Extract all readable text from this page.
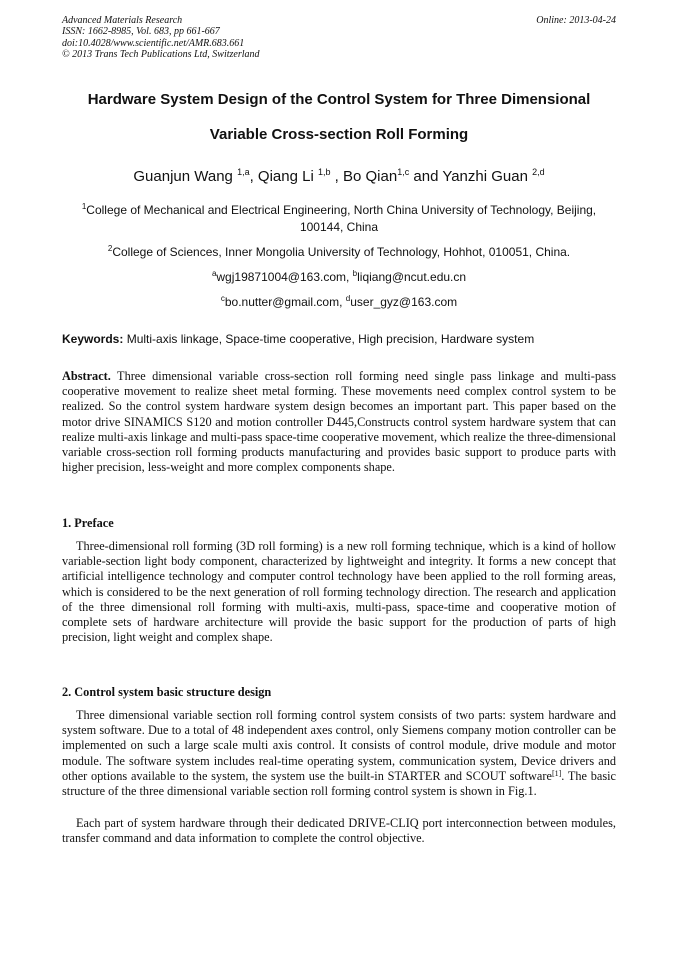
Advanced Materials Research
ISSN: 1662-8985, Vol. 683, pp 661-667
doi:10.4028/www.scientific.net/AMR.683.661
© 2013 Trans Tech Publications Ltd, Switzerland
Online: 2013-04-24
Hardware System Design of the Control System for Three Dimensional
Variable Cross-section Roll Forming
Guanjun Wang $^{1,a}$, Qiang Li $^{1,b}$ , Bo Qian$^{1,c}$ and Yanzhi Guan $^{2,d}$
$^1$College of Mechanical and Electrical Engineering, North China University of Technology, Beijing, 100144, China
$^2$College of Sciences, Inner Mongolia University of Technology, Hohhot, 010051, China.
$^a$wgj19871004@163.com, $^b$liqiang@ncut.edu.cn
$^c$bo.nutter@gmail.com, $^d$user_gyz@163.com
Keywords: Multi-axis linkage, Space-time cooperative, High precision, Hardware system
Abstract. Three dimensional variable cross-section roll forming need single pass linkage and multi-pass cooperative movement to realize sheet metal forming. These movements need complex control system to be realized. So the control system hardware system design becomes an important part. This paper based on the motor drive SINAMICS S120 and motion controller D445,Constructs control system hardware system that can realize multi-axis linkage and multi-pass space-time cooperative movement, which realize the three-dimensional variable cross-section roll forming products manufacturing and provides basic support to produce parts with higher precision, less-weight and more complex components shape.
1. Preface
Three-dimensional roll forming (3D roll forming) is a new roll forming technique, which is a kind of hollow variable-section light body component, characterized by lightweight and integrity. It forms a new concept that artificial intelligence technology and computer control technology have been applied to the roll forming areas, which is considered to be the next generation of roll forming technology direction. The research and application of the three dimensional roll forming with multi-axis, multi-pass, space-time and cooperative motion of complete sets of hardware architecture will provide the basic support for the production of parts of high precision, light weight and complex shape.
2. Control system basic structure design
Three dimensional variable section roll forming control system consists of two parts: system hardware and system software. Due to a total of 48 independent axes control, only Siemens company motion controller can be implemented on such a large scale multi axis control. It consists of control module, drive module and motor module. The software system includes real-time operating system, communication system, Device drivers and other options available to the system, the system use the built-in STARTER and SCOUT software[1]. The basic structure of the three dimensional variable section roll forming control system is shown in Fig.1.
Each part of system hardware through their dedicated DRIVE-CLIQ port interconnection between modules, transfer command and data information to complete the control objective.
